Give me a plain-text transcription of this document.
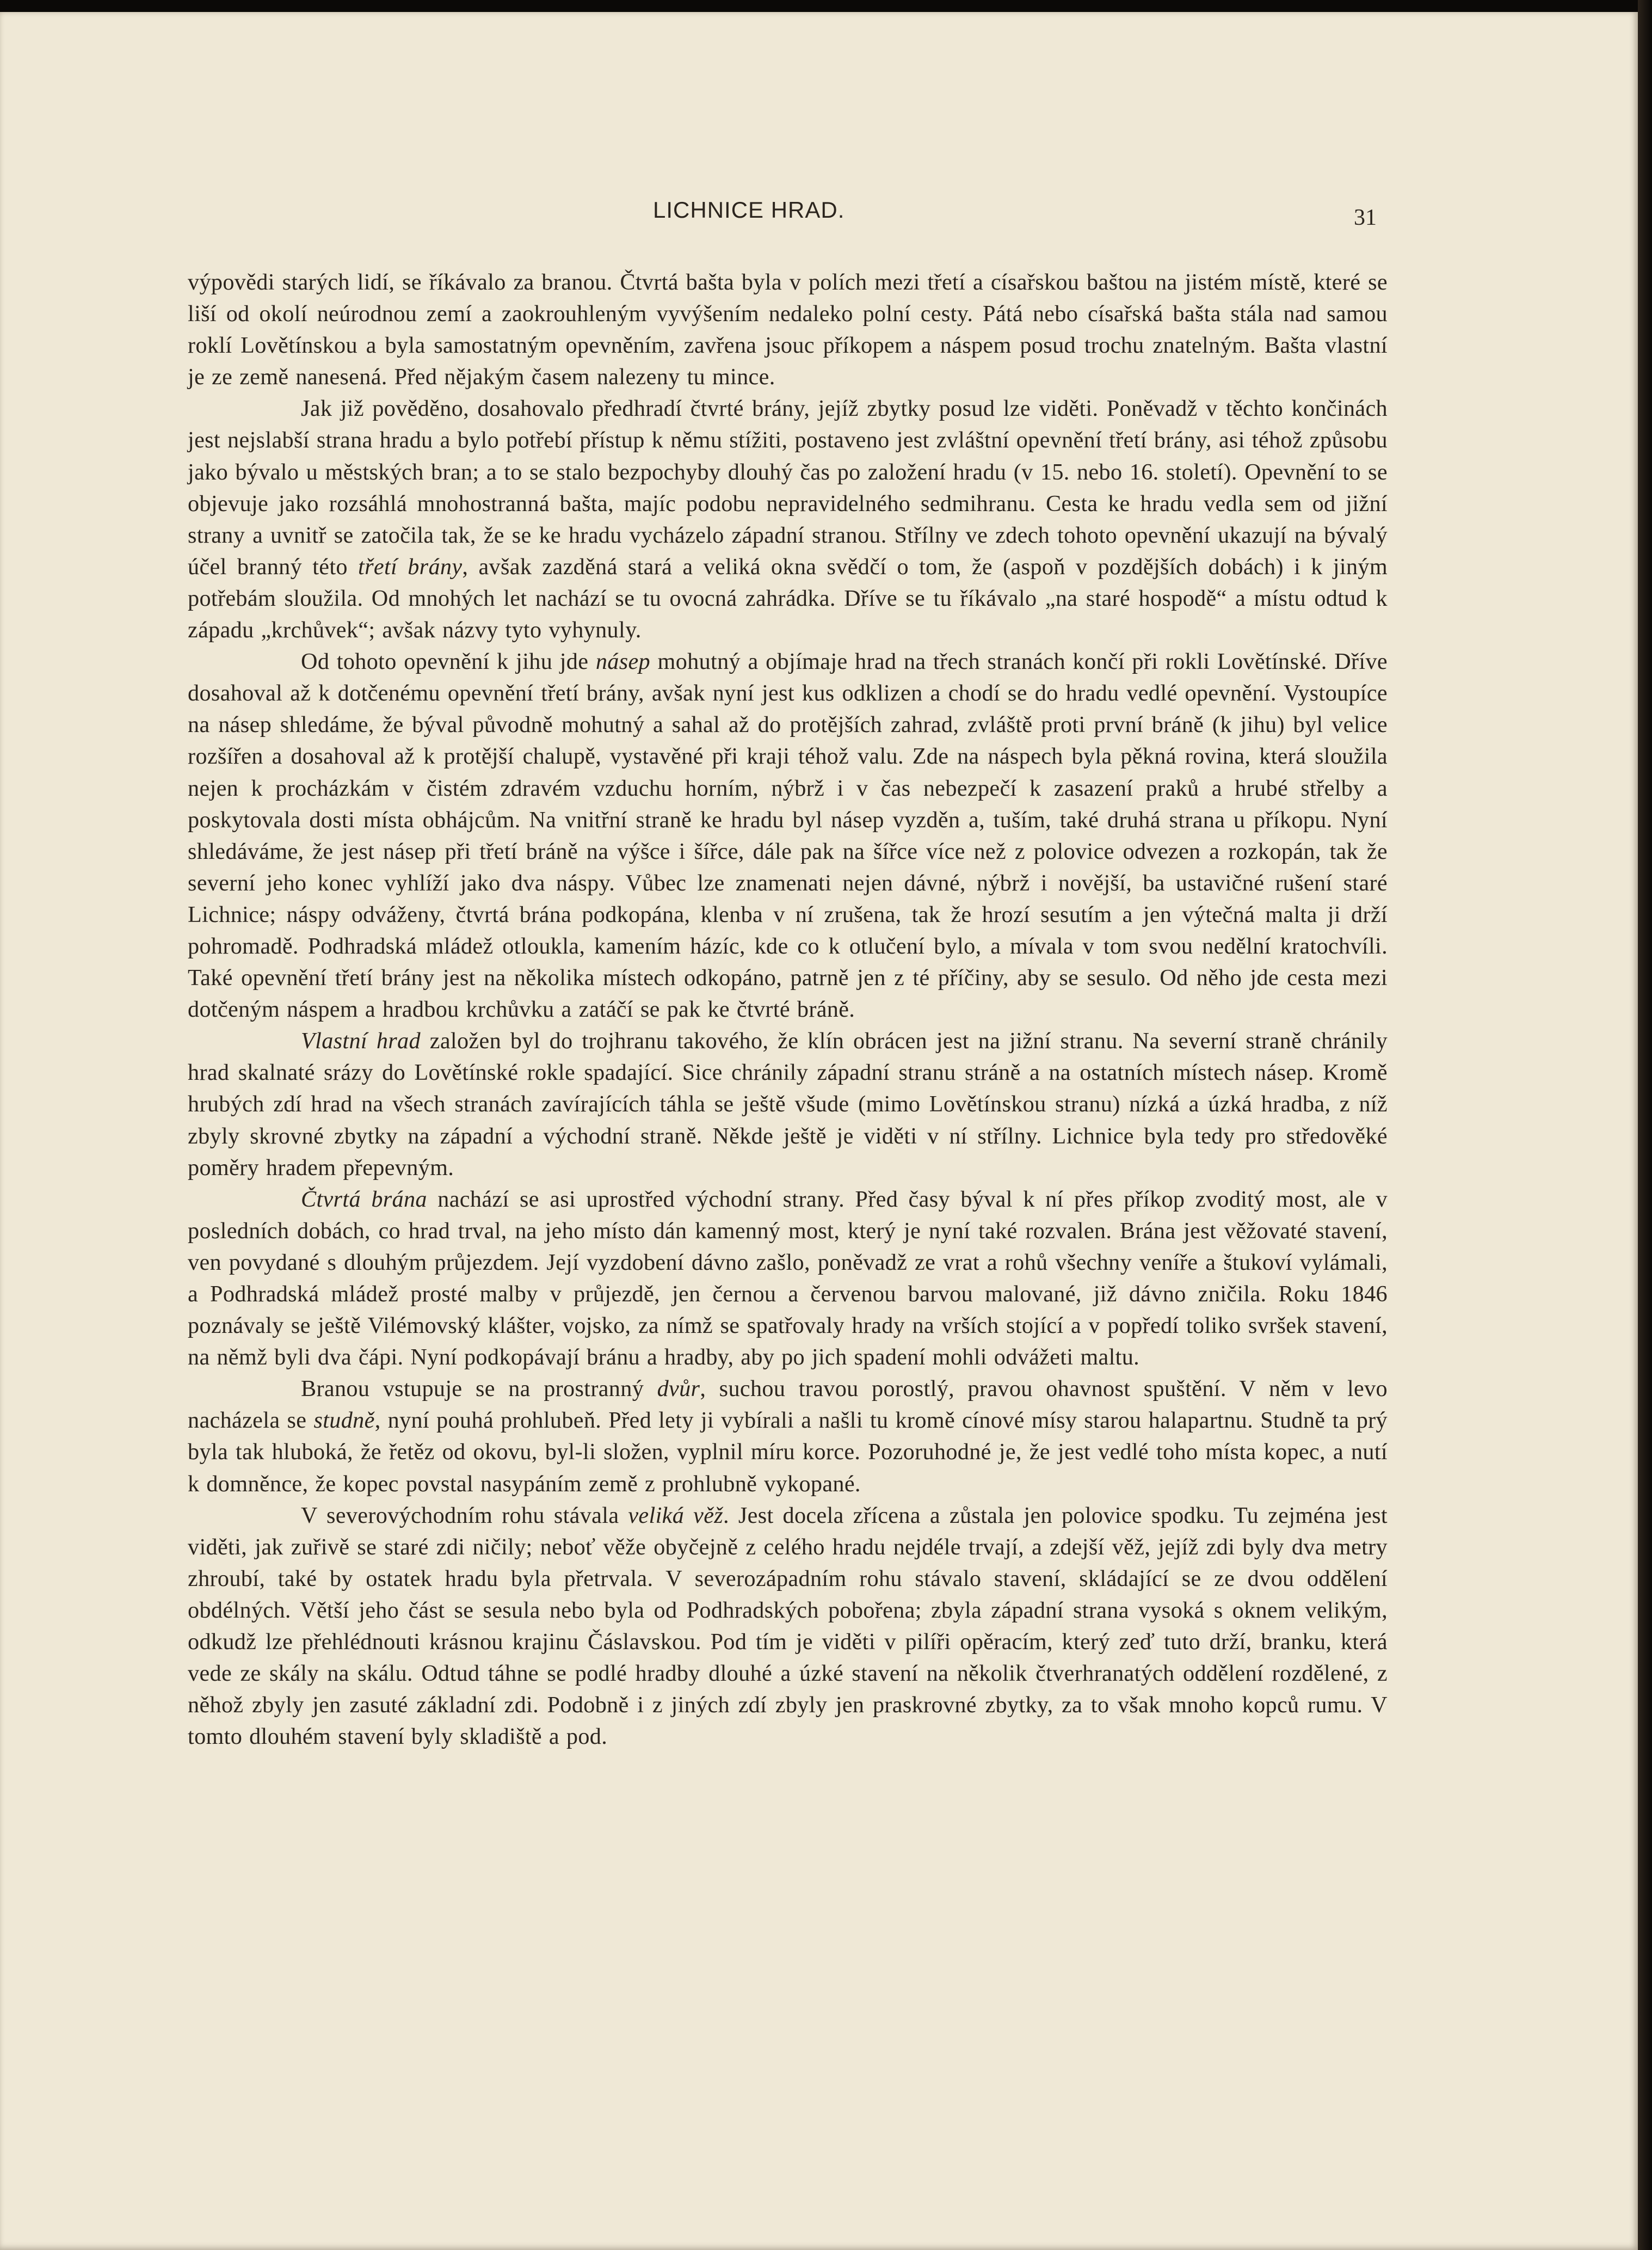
LICHNICE HRAD.	31

výpovědi starých lidí, se říkávalo za branou. Čtvrtá bašta byla v polích mezi třetí a císařskou baštou na jistém místě, které se liší od okolí neúrodnou zemí a zaokrouhleným vyvýšením nedaleko polní cesty. Pátá nebo císařská bašta stála nad samou roklí Lovětínskou a byla samostatným opevněním, zavřena jsouc příkopem a náspem posud trochu znatelným. Bašta vlastní je ze země nanesená. Před nějakým časem nalezeny tu mince.

Jak již pověděno, dosahovalo předhradí čtvrté brány, jejíž zbytky posud lze viděti. Poněvadž v těchto končinách jest nejslabší strana hradu a bylo potřebí přístup k němu stížiti, postaveno jest zvláštní opevnění třetí brány, asi téhož způsobu jako bývalo u městských bran; a to se stalo bezpochyby dlouhý čas po založení hradu (v 15. nebo 16. století). Opevnění to se objevuje jako rozsáhlá mnohostranná bašta, majíc podobu nepravidelného sedmihranu. Cesta ke hradu vedla sem od jižní strany a uvnitř se zatočila tak, že se ke hradu vycházelo západní stranou. Střílny ve zdech tohoto opevnění ukazují na bývalý účel branný této třetí brány, avšak zazděná stará a veliká okna svědčí o tom, že (aspoň v pozdějších dobách) i k jiným potřebám sloužila. Od mnohých let nachází se tu ovocná zahrádka. Dříve se tu říkávalo „na staré hospodě“ a místu odtud k západu „krchůvek“; avšak názvy tyto vyhynuly.

Od tohoto opevnění k jihu jde násep mohutný a objímaje hrad na třech stranách končí při rokli Lovětínské. Dříve dosahoval až k dotčenému opevnění třetí brány, avšak nyní jest kus odklizen a chodí se do hradu vedlé opevnění. Vystoupíce na násep shledáme, že býval původně mohutný a sahal až do protějších zahrad, zvláště proti první bráně (k jihu) byl velice rozšířen a dosahoval až k protější chalupě, vystavěné při kraji téhož valu. Zde na náspech byla pěkná rovina, která sloužila nejen k procházkám v čistém zdravém vzduchu horním, nýbrž i v čas nebezpečí k zasazení praků a hrubé střelby a poskytovala dosti místa obhájcům. Na vnitřní straně ke hradu byl násep vyzděn a, tuším, také druhá strana u příkopu. Nyní shledáváme, že jest násep při třetí bráně na výšce i šířce, dále pak na šířce více než z polovice odvezen a rozkopán, tak že severní jeho konec vyhlíží jako dva náspy. Vůbec lze znamenati nejen dávné, nýbrž i novější, ba ustavičné rušení staré Lichnice; náspy odváženy, čtvrtá brána podkopána, klenba v ní zrušena, tak že hrozí sesutím a jen výtečná malta ji drží pohromadě. Podhradská mládež otloukla, kamením házíc, kde co k otlučení bylo, a mívala v tom svou nedělní kratochvíli. Také opevnění třetí brány jest na několika místech odkopáno, patrně jen z té příčiny, aby se sesulo. Od něho jde cesta mezi dotčeným náspem a hradbou krchůvku a zatáčí se pak ke čtvrté bráně.

Vlastní hrad založen byl do trojhranu takového, že klín obrácen jest na jižní stranu. Na severní straně chránily hrad skalnaté srázy do Lovětínské rokle spadající. Sice chránily západní stranu stráně a na ostatních místech násep. Kromě hrubých zdí hrad na všech stranách zavírajících táhla se ještě všude (mimo Lovětínskou stranu) nízká a úzká hradba, z níž zbyly skrovné zbytky na západní a východní straně. Někde ještě je viděti v ní střílny. Lichnice byla tedy pro středověké poměry hradem přepevným.

Čtvrtá brána nachází se asi uprostřed východní strany. Před časy býval k ní přes příkop zvoditý most, ale v posledních dobách, co hrad trval, na jeho místo dán kamenný most, který je nyní také rozvalen. Brána jest věžovaté stavení, ven povydané s dlouhým průjezdem. Její vyzdobení dávno zašlo, poněvadž ze vrat a rohů všechny veníře a štukoví vylámali, a Podhradská mládež prosté malby v průjezdě, jen černou a červenou barvou malované, již dávno zničila. Roku 1846 poznávaly se ještě Vilémovský klášter, vojsko, za nímž se spatřovaly hrady na vrších stojící a v popředí toliko svršek stavení, na němž byli dva čápi. Nyní podkopávají bránu a hradby, aby po jich spadení mohli odvážeti maltu.

Branou vstupuje se na prostranný dvůr, suchou travou porostlý, pravou ohavnost spuštění. V něm v levo nacházela se studně, nyní pouhá prohlubeň. Před lety ji vybírali a našli tu kromě cínové mísy starou halapartnu. Studně ta prý byla tak hluboká, že řetěz od okovu, byl-li složen, vyplnil míru korce. Pozoruhodné je, že jest vedlé toho místa kopec, a nutí k domněnce, že kopec povstal nasypáním země z prohlubně vykopané.

V severovýchodním rohu stávala veliká věž. Jest docela zřícena a zůstala jen polovice spodku. Tu zejména jest viděti, jak zuřivě se staré zdi ničily; neboť věže obyčejně z celého hradu nejdéle trvají, a zdejší věž, jejíž zdi byly dva metry zhroubí, také by ostatek hradu byla přetrvala. V severozápadním rohu stávalo stavení, skládající se ze dvou oddělení obdélných. Větší jeho část se sesula nebo byla od Podhradských pobořena; zbyla západní strana vysoká s oknem velikým, odkudž lze přehlédnouti krásnou krajinu Čáslavskou. Pod tím je viděti v pilíři opěracím, který zeď tuto drží, branku, která vede ze skály na skálu. Odtud táhne se podlé hradby dlouhé a úzké stavení na několik čtverhranatých oddělení rozdělené, z něhož zbyly jen zasuté základní zdi. Podobně i z jiných zdí zbyly jen praskrovné zbytky, za to však mnoho kopců rumu. V tomto dlouhém stavení byly skladiště a pod.
